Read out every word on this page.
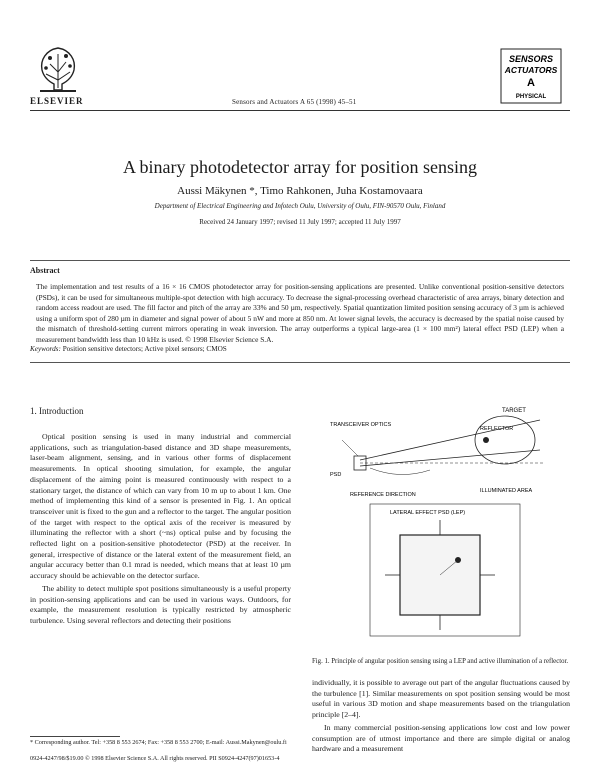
ELSEVIER	Sensors and Actuators A 65 (1998) 45–51
SENSORS
ACTUATORS
A
PHYSICAL
A binary photodetector array for position sensing
Aussi Mäkynen *, Timo Rahkonen, Juha Kostamovaara
Department of Electrical Engineering and Infotech Oulu, University of Oulu, FIN-90570 Oulu, Finland
Received 24 January 1997; revised 11 July 1997; accepted 11 July 1997
Abstract
The implementation and test results of a 16 × 16 CMOS photodetector array for position-sensing applications are presented. Unlike conventional position-sensitive detectors (PSDs), it can be used for simultaneous multiple-spot detection with high accuracy. To decrease the signal-processing overhead characteristic of area arrays, binary detection and random access readout are used. The fill factor and pitch of the array are 33% and 50 µm, respectively. Spatial quantization limited position sensing accuracy of 3 µm is achieved using a uniform spot of 280 µm in diameter and signal power of about 5 nW and more at 850 nm. At lower signal levels, the accuracy is decreased by the spatial noise caused by the mismatch of threshold-setting current mirrors operating in weak inversion. The array outperforms a typical large-area (1 × 100 mm²) lateral effect PSD (LEP) when a measurement bandwidth less than 10 kHz is used. © 1998 Elsevier Science S.A.
Keywords: Position sensitive detectors; Active pixel sensors; CMOS
1. Introduction

Optical position sensing is used in many industrial and commercial applications, such as triangulation-based distance and 3D shape measurements, laser-beam alignment, sensing, and in various other forms of displacement measurements. In optical shooting simulation, for example, the angular displacement of the aiming point is measured continuously with respect to a stationary target, the distance of which can vary from 10 m up to about 1 km. One method of implementing this kind of a sensor is presented in Fig. 1. An optical transceiver unit is fixed to the gun and a reflector to the target. The angular position of the target with respect to the optical axis of the receiver is measured by illuminating the reflector with a short (~ns) optical pulse and by focusing the reflected light on a position-sensitive photodetector (PSD) at the receiver. In general, irrespective of distance or the lateral extent of the measurement field, an angular accuracy better than 0.1 mrad is needed, which means that at least 10 µm accuracy should be achievable on the detector surface.

The ability to detect multiple spot positions simultaneously is a useful property in position-sensing applications and can be used in various ways. Outdoors, for example, the measurement resolution is typically restricted by atmospheric turbulence. Using several reflectors and detecting their positions

TARGET
TRANSCEIVER OPTICS
REFLECTOR
PSD
REFERENCE DIRECTION
ILLUMINATED AREA
LATERAL EFFECT PSD (LEP)
Fig. 1. Principle of angular position sensing using a LEP and active illumination of a reflector.

individually, it is possible to average out part of the angular fluctuations caused by the turbulence [1]. Similar measurements on spot position sensing would be most useful in various 3D motion and shape measurements based on the triangulation principle [2–4].

In many commercial position-sensing applications low cost and low power consumption are of utmost importance and there are simple digital or analog hardware and a measurement

* Corresponding author. Tel: +358 8 553 2674; Fax: +358 8 553 2700; E-mail: Aussi.Makynen@oulu.fi
0924-4247/98/$19.00 © 1998 Elsevier Science S.A. All rights reserved. PII S0924-4247(97)01653-4
